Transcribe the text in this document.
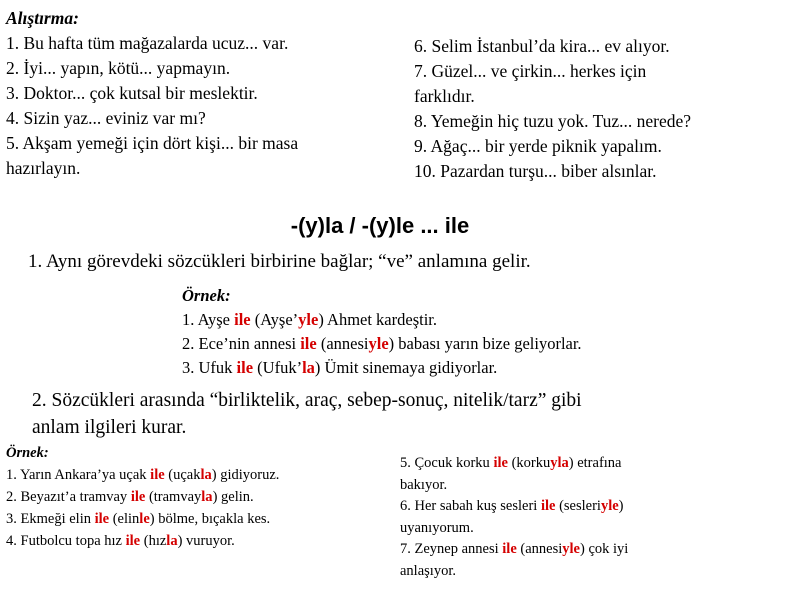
Alıştırma:

1. Bu hafta tüm mağazalarda ucuz... var.

2. İyi... yapın, kötü... yapmayın.

3. Doktor... çok kutsal bir meslektir.

4. Sizin yaz... eviniz var mı?

5. Akşam yemeği için dört kişi... bir masa

hazırlayın.

6. Selim İstanbul’da kira... ev alıyor.

7. Güzel... ve çirkin... herkes için

farklıdır.

8. Yemeğin hiç tuzu yok. Tuz... nerede?

9. Ağaç... bir yerde piknik yapalım.

10. Pazardan turşu... biber alsınlar.

-(y)la / -(y)le ... ile
1. Aynı görevdeki sözcükleri birbirine bağlar; “ve” anlamına gelir.

Örnek:

1. Ayşe ile (Ayşe’yle) Ahmet kardeştir.

2. Ece’nin annesi ile (annesiyle) babası yarın bize geliyorlar.

3. Ufuk ile (Ufuk’la) Ümit sinemaya gidiyorlar.

2. Sözcükleri arasında “birliktelik, araç, sebep-sonuç, nitelik/tarz” gibi

anlam ilgileri kurar.

Örnek:

1. Yarın Ankara’ya uçak ile (uçakla) gidiyoruz.

2. Beyazıt’a tramvay ile (tramvayla) gelin.

3. Ekmeği elin ile (elinle) bölme, bıçakla kes.

4. Futbolcu topa hız ile (hızla) vuruyor.

5. Çocuk korku ile (korkuyla) etrafına

bakıyor.

6. Her sabah kuş sesleri ile (sesleriyle)

uyanıyorum.

7. Zeynep annesi ile (annesiyle) çok iyi

anlaşıyor.
